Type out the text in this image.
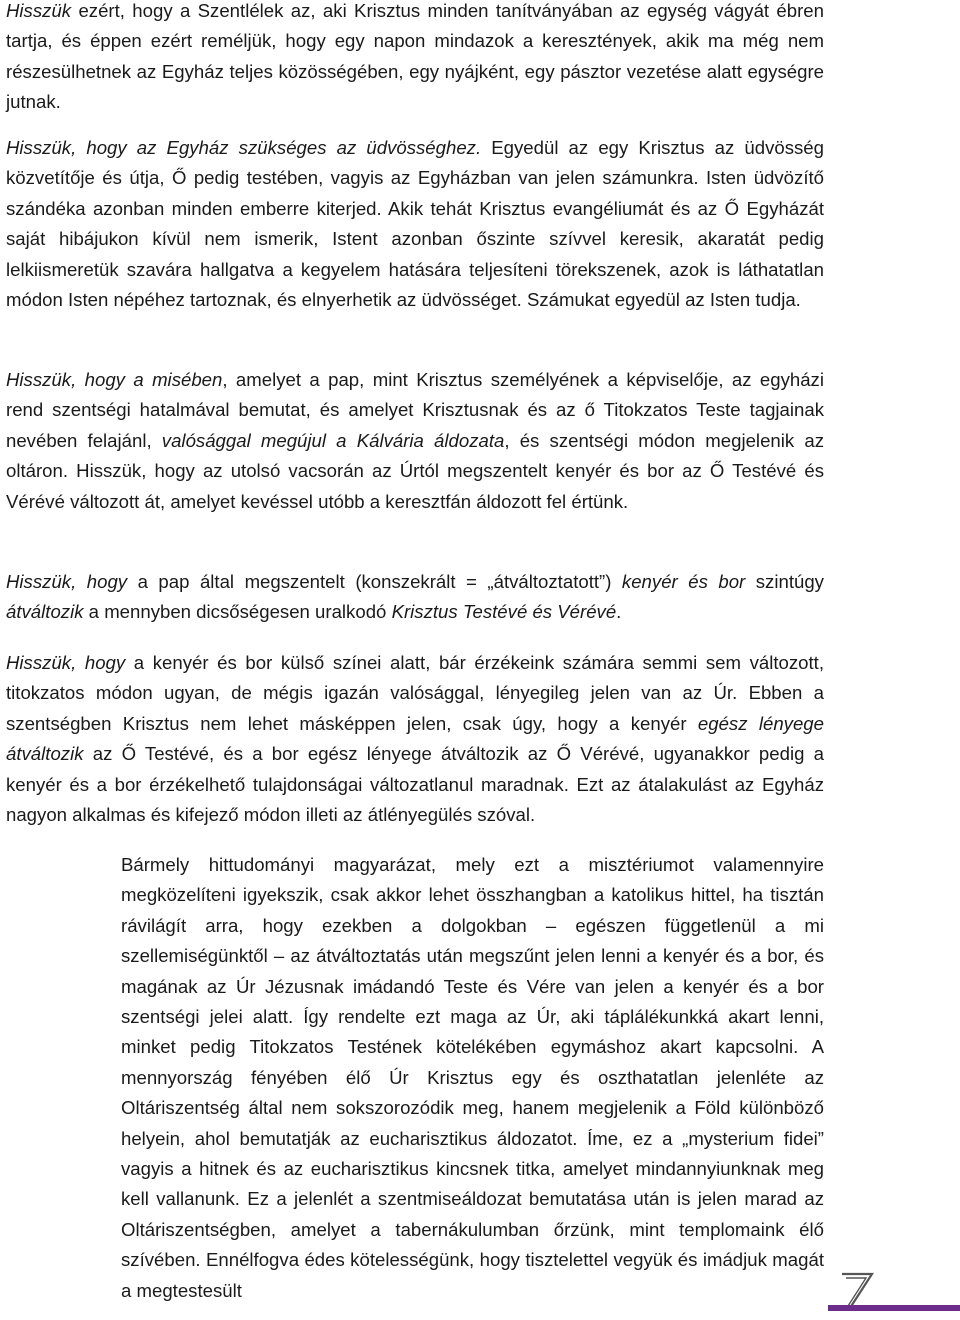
Hisszük ezért, hogy a Szentlélek az, aki Krisztus minden tanítványában az egység vágyát ébren tartja, és éppen ezért reméljük, hogy egy napon mindazok a keresztények, akik ma még nem részesülhetnek az Egyház teljes közösségében, egy nyájként, egy pásztor vezetése alatt egységre jutnak.

Hisszük, hogy az Egyház szükséges az üdvösséghez. Egyedül az egy Krisztus az üdvösség közvetítője és útja, Ő pedig testében, vagyis az Egyházban van jelen számunkra. Isten üdvözítő szándéka azonban minden emberre kiterjed. Akik tehát Krisztus evangéliumát és az Ő Egyházát saját hibájukon kívül nem ismerik, Istent azonban őszinte szívvel keresik, akaratát pedig lelkiismeretük szavára hallgatva a kegyelem hatására teljesíteni törekszenek, azok is láthatatlan módon Isten népéhez tartoznak, és elnyerhetik az üdvösséget. Számukat egyedül az Isten tudja.

Hisszük, hogy a misében, amelyet a pap, mint Krisztus személyének a képviselője, az egyházi rend szentségi hatalmával bemutat, és amelyet Krisztusnak és az ő Titokzatos Teste tagjainak nevében felajánl, valósággal megújul a Kálvária áldozata, és szentségi módon megjelenik az oltáron. Hisszük, hogy az utolsó vacsorán az Úrtól megszentelt kenyér és bor az Ő Testévé és Vérévé változott át, amelyet kevéssel utóbb a keresztfán áldozott fel értünk.

Hisszük, hogy a pap által megszentelt (konszekrált = „átváltoztatott”) kenyér és bor szintúgy átváltozik a mennyben dicsőségesen uralkodó Krisztus Testévé és Vérévé.

Hisszük, hogy a kenyér és bor külső színei alatt, bár érzékeink számára semmi sem változott, titokzatos módon ugyan, de mégis igazán valósággal, lényegileg jelen van az Úr. Ebben a szentségben Krisztus nem lehet másképpen jelen, csak úgy, hogy a kenyér egész lényege átváltozik az Ő Testévé, és a bor egész lényege átváltozik az Ő Vérévé, ugyanakkor pedig a kenyér és a bor érzékelhető tulajdonságai változatlanul maradnak. Ezt az átalakulást az Egyház nagyon alkalmas és kifejező módon illeti az átlényegülés szóval.

Bármely hittudományi magyarázat, mely ezt a misztériumot valamennyire megközelíteni igyekszik, csak akkor lehet összhangban a katolikus hittel, ha tisztán rávilágít arra, hogy ezekben a dolgokban – egészen függetlenül a mi szellemiségünktől – az átváltoztatás után megszűnt jelen lenni a kenyér és a bor, és magának az Úr Jézusnak imádandó Teste és Vére van jelen a kenyér és a bor szentségi jelei alatt. Így rendelte ezt maga az Úr, aki táplálékunkká akart lenni, minket pedig Titokzatos Testének kötelékében egymáshoz akart kapcsolni. A mennyország fényében élő Úr Krisztus egy és oszthatatlan jelenléte az Oltáriszentség által nem sokszorozódik meg, hanem megjelenik a Föld különböző helyein, ahol bemutatják az eucharisztikus áldozatot. Íme, ez a „mysterium fidei” vagyis a hitnek és az eucharisztikus kincsnek titka, amelyet mindannyiunknak meg kell vallanunk. Ez a jelenlét a szentmiseáldozat bemutatása után is jelen marad az Oltáriszentségben, amelyet a tabernákulumban őrzünk, mint templomaink élő szívében. Ennélfogva édes kötelességünk, hogy tisztelettel vegyük és imádjuk magát a megtestesült
